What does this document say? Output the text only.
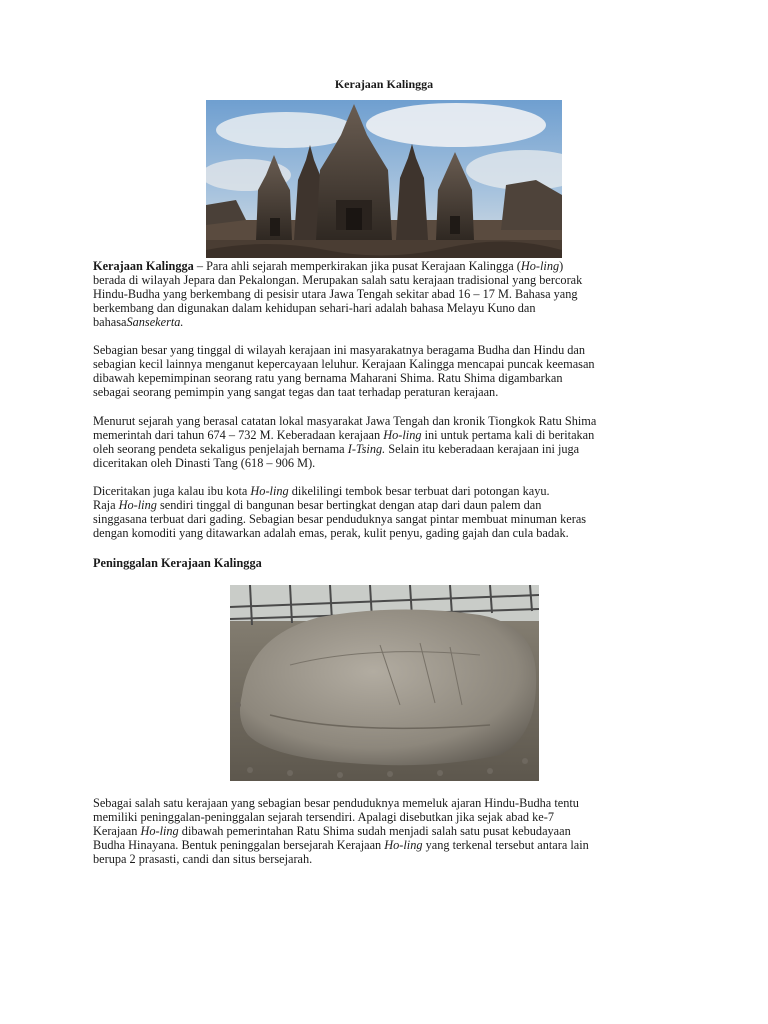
Kerajaan Kalingga
Kerajaan Kalingga – Para ahli sejarah memperkirakan jika pusat Kerajaan Kalingga (Ho-ling)
berada di wilayah Jepara dan Pekalongan. Merupakan salah satu kerajaan tradisional yang bercorak
Hindu-Budha yang berkembang di pesisir utara Jawa Tengah sekitar abad 16 – 17 M. Bahasa yang
berkembang dan digunakan dalam kehidupan sehari-hari adalah bahasa Melayu Kuno dan
bahasaSansekerta.
Sebagian besar yang tinggal di wilayah kerajaan ini masyarakatnya beragama Budha dan Hindu dan
sebagian kecil lainnya menganut kepercayaan leluhur. Kerajaan Kalingga mencapai puncak keemasan
dibawah kepemimpinan seorang ratu yang bernama Maharani Shima. Ratu Shima digambarkan
sebagai seorang pemimpin yang sangat tegas dan taat terhadap peraturan kerajaan.
Menurut sejarah yang berasal catatan lokal masyarakat Jawa Tengah dan kronik Tiongkok Ratu Shima
memerintah dari tahun 674 – 732 M. Keberadaan kerajaan Ho-ling ini untuk pertama kali di beritakan
oleh seorang pendeta sekaligus penjelajah bernama I-Tsing. Selain itu keberadaan kerajaan ini juga
diceritakan oleh Dinasti Tang (618 – 906 M).
Diceritakan juga kalau ibu kota Ho-ling dikelilingi tembok besar terbuat dari potongan kayu.
Raja Ho-ling sendiri tinggal di bangunan besar bertingkat dengan atap dari daun palem dan
singgasana terbuat dari gading. Sebagian besar penduduknya sangat pintar membuat minuman keras
dengan komoditi yang ditawarkan adalah emas, perak, kulit penyu, gading gajah dan cula badak.
Peninggalan Kerajaan Kalingga
Sebagai salah satu kerajaan yang sebagian besar penduduknya memeluk ajaran Hindu-Budha tentu
memiliki peninggalan-peninggalan sejarah tersendiri. Apalagi disebutkan jika sejak abad ke-7
Kerajaan Ho-ling dibawah pemerintahan Ratu Shima sudah menjadi salah satu pusat kebudayaan
Budha Hinayana. Bentuk peninggalan bersejarah Kerajaan Ho-ling yang terkenal tersebut antara lain
berupa 2 prasasti, candi dan situs bersejarah.
